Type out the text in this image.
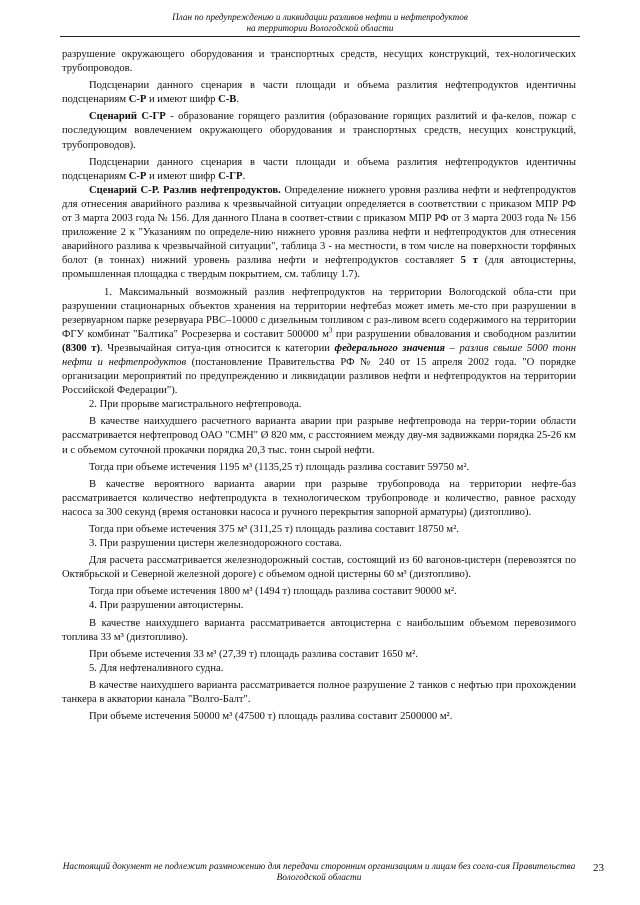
План по предупреждению и ликвидации разливов нефти и нефтепродуктов
на территории Вологодской области

разрушение окружающего оборудования и транспортных средств, несущих конструкций, тех-нологических трубопроводов.

Подсценарии данного сценария в части площади и объема разлития нефтепродуктов идентичны подсценариям С-Р и имеют шифр С-В.

Сценарий С-ГР - образование горящего разлития (образование горящих разлитий и фа-келов, пожар с последующим вовлечением окружающего оборудования и транспортных средств, несущих конструкций, трубопроводов).

Подсценарии данного сценария в части площади и объема разлития нефтепродуктов идентичны подсценариям С-Р и имеют шифр С-ГР.

Сценарий С-Р. Разлив нефтепродуктов. Определение нижнего уровня разлива нефти и нефтепродуктов для отнесения аварийного разлива к чрезвычайной ситуации определяется в соответствии с приказом МПР РФ от 3 марта 2003 года № 156. Для данного Плана в соответ-ствии с приказом МПР РФ от 3 марта 2003 года № 156 приложение 2 к "Указаниям по определе-нию нижнего уровня разлива нефти и нефтепродуктов для отнесения аварийного разлива к чрезвычайной ситуации", таблица 3 - на местности, в том числе на поверхности торфяных болот (в тоннах) нижний уровень разлива нефти и нефтепродуктов составляет 5 т (для автоцистерны, промышленная площадка с твердым покрытием, см. таблицу 1.7).

1. Максимальный возможный разлив нефтепродуктов на территории Вологодской обла-сти при разрушении стационарных объектов хранения на территории нефтебаз может иметь ме-сто при разрушении в резервуарном парке резервуара РВС–10000 с дизельным топливом с раз-ливом всего содержимого на территории ФГУ комбинат "Балтика" Росрезерва и составит 500000 $м^3$ при разрушении обвалования и свободном разлитии (8300 т). Чрезвычайная ситуа-ция относится к категории федерального значения – разлив свыше 5000 тонн нефти и нефтепродуктов (постановление Правительства РФ № 240 от 15 апреля 2002 года. "О порядке организации мероприятий по предупреждению и ликвидации разливов нефти и нефтепродуктов на территории Российской Федерации").

2. При прорыве магистрального нефтепровода.

В качестве наихудшего расчетного варианта аварии при разрыве нефтепровода на терри-тории области рассматривается нефтепровод ОАО "СМН" Ø 820 мм, с расстоянием между дву-мя задвижками порядка 25-26 км и с объемом суточной прокачки порядка 20,3 тыс. тонн сырой нефти.

Тогда при объеме истечения 1195 м³ (1135,25 т) площадь разлива составит 59750 м².

В качестве вероятного варианта аварии при разрыве трубопровода на территории нефте-баз рассматривается количество нефтепродукта в технологическом трубопроводе и количество, равное расходу насоса за 300 секунд (время остановки насоса и ручного перекрытия запорной арматуры) (дизтопливо).

Тогда при объеме истечения 375 м³ (311,25 т) площадь разлива составит 18750 м².

3. При разрушении цистерн железнодорожного состава.

Для расчета рассматривается железнодорожный состав, состоящий из 60 вагонов-цистерн (перевозятся по Октябрьской и Северной железной дороге) с объемом одной цистерны 60 м³ (дизтопливо).

Тогда при объеме истечения 1800 м³ (1494 т) площадь разлива составит 90000 м².

4. При разрушении автоцистерны.

В качестве наихудшего варианта рассматривается автоцистерна с наибольшим объемом перевозимого топлива 33 м³ (дизтопливо).

При объеме истечения 33 м³ (27,39 т) площадь разлива составит 1650 м².

5. Для нефтеналивного судна.

В качестве наихудшего варианта рассматривается полное разрушение 2 танков с нефтью при прохождении танкера в акватории канала "Волго-Балт".

При объеме истечения 50000 м³ (47500 т) площадь разлива составит 2500000 м².

Настоящий документ не подлежит размножению для передачи сторонним организациям и лицам без согла-сия Правительства Вологодской области
23
